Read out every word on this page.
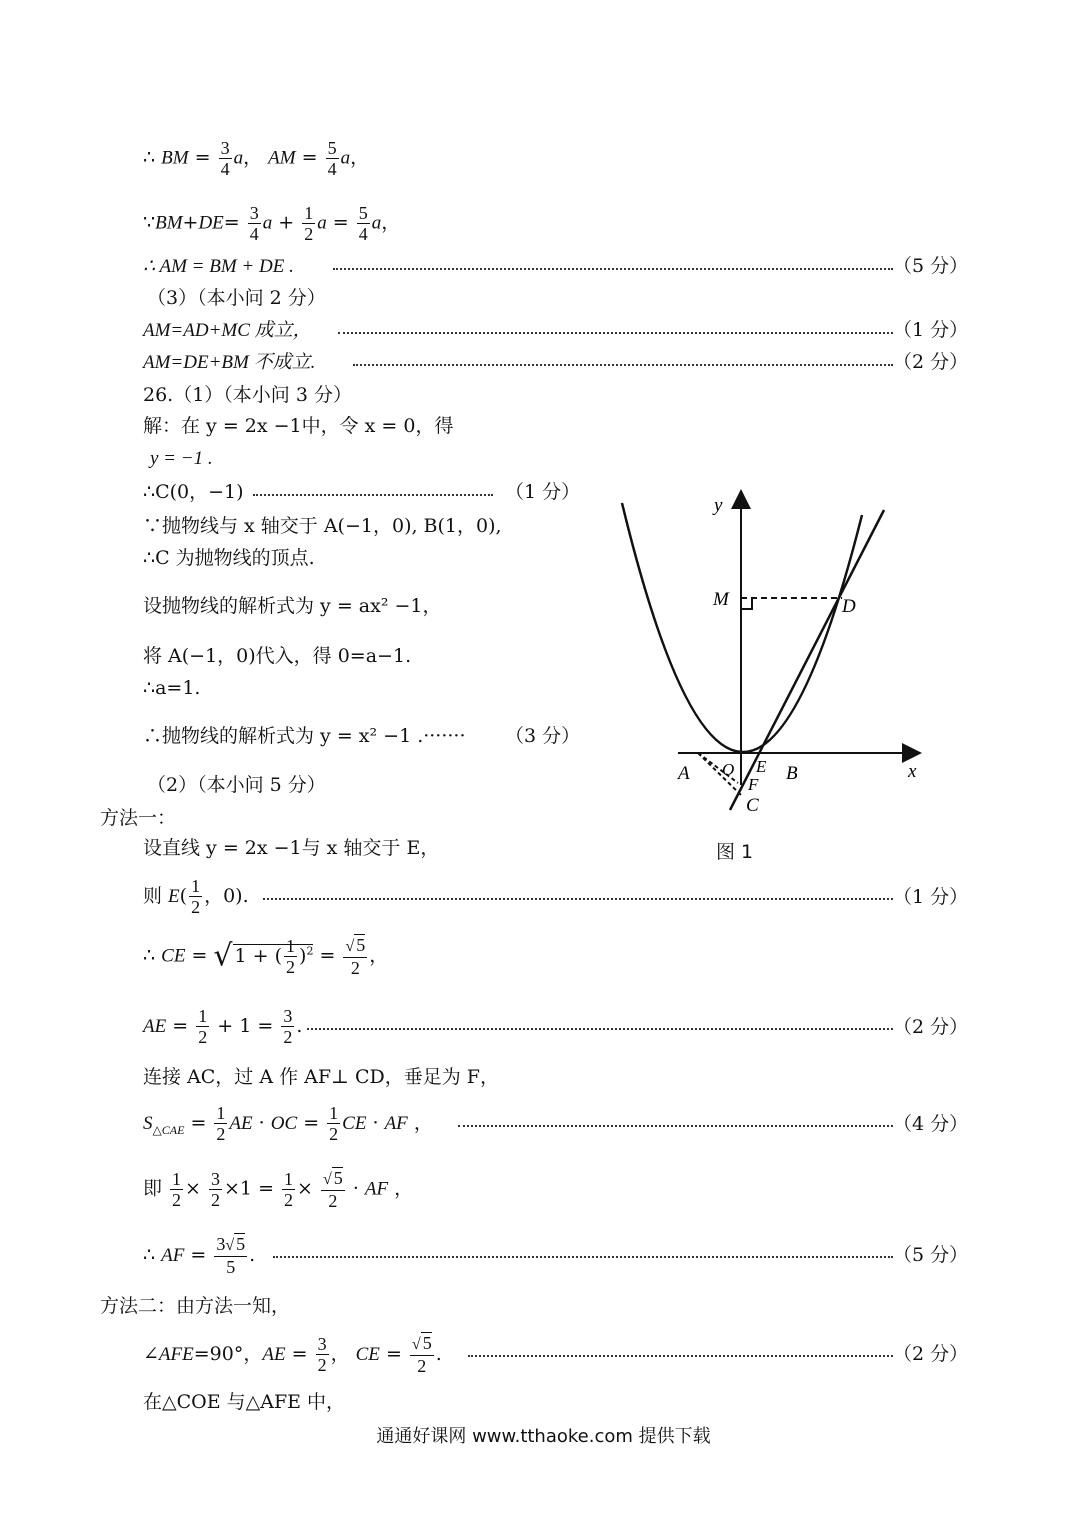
∴ BM = $\frac{3}{4}$ a， AM = $\frac{5}{4}$ a，
∵BM+DE= $\frac{3}{4}$ $a + \frac{1}{2}$ $a = \frac{5}{4}$ a，
∴ AM = BM + DE .	（5 分）
（3）（本小问 2 分）
AM=AD+MC 成立，	（1 分）
AM=DE+BM 不成立.	（2 分）
26.（1）（本小问 3 分）
解：在 y = 2x −1中，令 x = 0，得
y = −1 .
∴C(0，−1)	（1 分）
∵抛物线与 x 轴交于 A(−1，0), B(1，0),
∴C 为抛物线的顶点.
设抛物线的解析式为 y = ax² −1，
将 A(−1，0)代入，得 0=a−1.
∴a=1.
∴抛物线的解析式为 y = x² −1 .······· （3 分）
（2）（本小问 5 分）
方法一：
设直线 y = 2x −1与 x 轴交于 E，
则 $E( \frac{1}{2}$ ，0).	（1 分）
∴ CE = √ 1 + ( $\frac{1}{2} )^2 = \frac{√ 5}{2}$ ，
AE = $\frac{1}{2} + 1 = \frac{3}{2}$ .	（2 分）
连接 AC，过 A 作 AF⊥ CD，垂足为 F，
$S_{\triangle CAE} = \frac{1}{2}$ AE · OC = $\frac{1}{2}$ CE · AF ，	（4 分）
即 $\frac{1}{2} \times \frac{3}{2} \times 1 = \frac{1}{2} \times \frac{√ 5}{2}$ · AF ，
∴ AF = $\frac{3√ 5}{5}$ .	（5 分）
方法二：由方法一知，
∠AFE=90°，AE = $\frac{3}{2}$ ， CE = $\frac{√ 5}{2}$ .	（2 分）
在△COE 与△AFE 中，
y
x
M	D
A O E B
F
C
图 1
通通好课网 www.tthaoke.com 提供下载
